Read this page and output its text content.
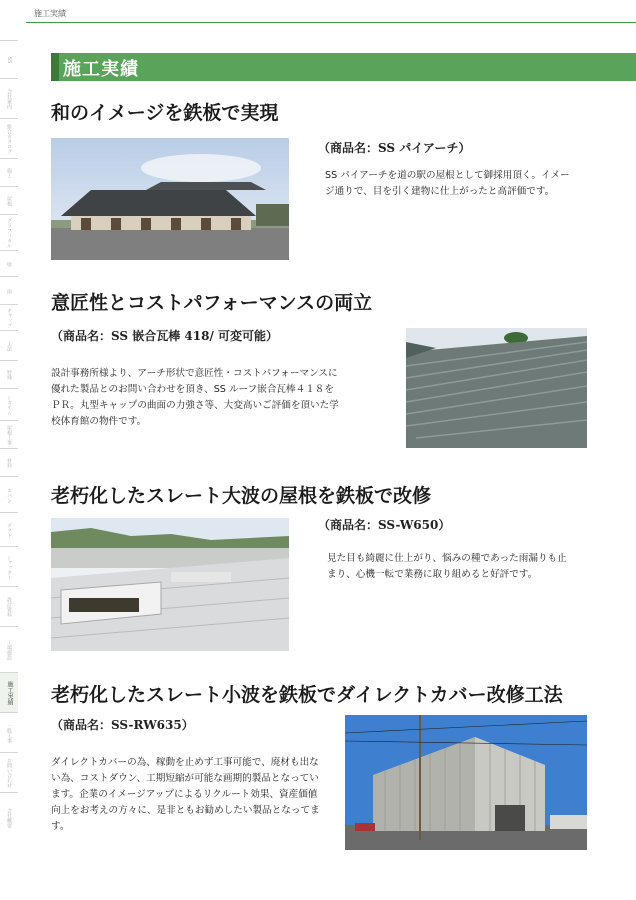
施工実績
SS
会社案内
総合カタログ
施工
屋根
グラフィカル
壁
雨
キャップ
工法
特殊
システム
屋根工事
材料
スパン
ダクト
シャッター
設計資料
工場施設
施工実績
一般工事
お問い合わせ
会社概要
施工実績
和のイメージを鉄板で実現
（商品名：SS パイアーチ）
SS パイアーチを道の駅の屋根として御採用頂く。イメージ通りで、目を引く建物に仕上がったと高評価です。
意匠性とコストパフォーマンスの両立
（商品名：SS 嵌合瓦棒 418/ 可変可能）
設計事務所様より、アーチ形状で意匠性・コストパフォーマンスに優れた製品とのお問い合わせを頂き、SS ルーフ嵌合瓦棒４１８をＰＲ。丸型キャップの曲面の力強さ等、大変高いご評価を頂いた学校体育館の物件です。
老朽化したスレート大波の屋根を鉄板で改修
（商品名：SS-W650）
見た目も綺麗に仕上がり、悩みの種であった雨漏りも止まり、心機一転で業務に取り組めると好評です。
老朽化したスレート小波を鉄板でダイレクトカバー改修工法
（商品名：SS-RW635）
ダイレクトカバーの為、稼動を止めず工事可能で、廃材も出ない為、コストダウン、工期短縮が可能な画期的製品となっています。企業のイメージアップによるリクルート効果、資産価値向上をお考えの方々に、是非ともお勧めしたい製品となってます。
